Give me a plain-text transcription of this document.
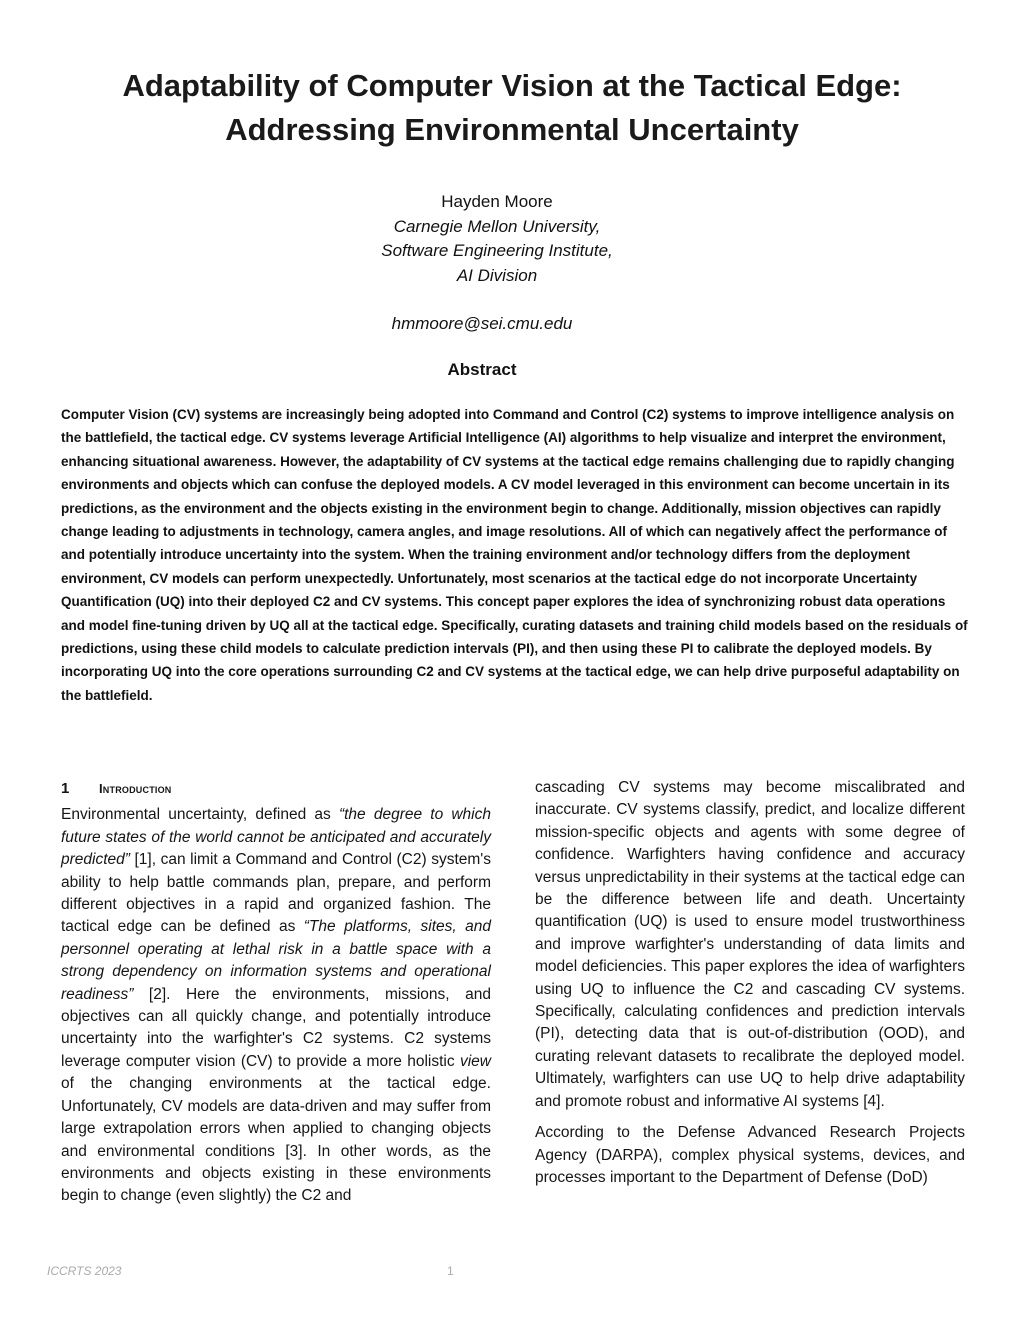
Adaptability of Computer Vision at the Tactical Edge:
Addressing Environmental Uncertainty
Hayden Moore
Carnegie Mellon University,
Software Engineering Institute,
AI Division
hmmoore@sei.cmu.edu
Abstract

Computer Vision (CV) systems are increasingly being adopted into Command and Control (C2) systems to improve intelligence analysis on the battlefield, the tactical edge. CV systems leverage Artificial Intelligence (AI) algorithms to help visualize and interpret the environment, enhancing situational awareness. However, the adaptability of CV systems at the tactical edge remains challenging due to rapidly changing environments and objects which can confuse the deployed models. A CV model leveraged in this environment can become uncertain in its predictions, as the environment and the objects existing in the environment begin to change. Additionally, mission objectives can rapidly change leading to adjustments in technology, camera angles, and image resolutions. All of which can negatively affect the performance of and potentially introduce uncertainty into the system. When the training environment and/or technology differs from the deployment environment, CV models can perform unexpectedly. Unfortunately, most scenarios at the tactical edge do not incorporate Uncertainty Quantification (UQ) into their deployed C2 and CV systems. This concept paper explores the idea of synchronizing robust data operations and model fine-tuning driven by UQ all at the tactical edge. Specifically, curating datasets and training child models based on the residuals of predictions, using these child models to calculate prediction intervals (PI), and then using these PI to calibrate the deployed models. By incorporating UQ into the core operations surrounding C2 and CV systems at the tactical edge, we can help drive purposeful adaptability on the battlefield.

1	Introduction

Environmental uncertainty, defined as “the degree to which future states of the world cannot be anticipated and accurately predicted” [1], can limit a Command and Control (C2) system's ability to help battle commands plan, prepare, and perform different objectives in a rapid and organized fashion. The tactical edge can be defined as “The platforms, sites, and personnel operating at lethal risk in a battle space with a strong dependency on information systems and operational readiness” [2]. Here the environments, missions, and objectives can all quickly change, and potentially introduce uncertainty into the warfighter's C2 systems. C2 systems leverage computer vision (CV) to provide a more holistic view of the changing environments at the tactical edge. Unfortunately, CV models are data-driven and may suffer from large extrapolation errors when applied to changing objects and environmental conditions [3]. In other words, as the environments and objects existing in these environments begin to change (even slightly) the C2 and

cascading CV systems may become miscalibrated and inaccurate. CV systems classify, predict, and localize different mission-specific objects and agents with some degree of confidence. Warfighters having confidence and accuracy versus unpredictability in their systems at the tactical edge can be the difference between life and death. Uncertainty quantification (UQ) is used to ensure model trustworthiness and improve warfighter's understanding of data limits and model deficiencies. This paper explores the idea of warfighters using UQ to influence the C2 and cascading CV systems. Specifically, calculating confidences and prediction intervals (PI), detecting data that is out-of-distribution (OOD), and curating relevant datasets to recalibrate the deployed model. Ultimately, warfighters can use UQ to help drive adaptability and promote robust and informative AI systems [4].

According to the Defense Advanced Research Projects Agency (DARPA), complex physical systems, devices, and processes important to the Department of Defense (DoD)

ICCRTS 2023	1
